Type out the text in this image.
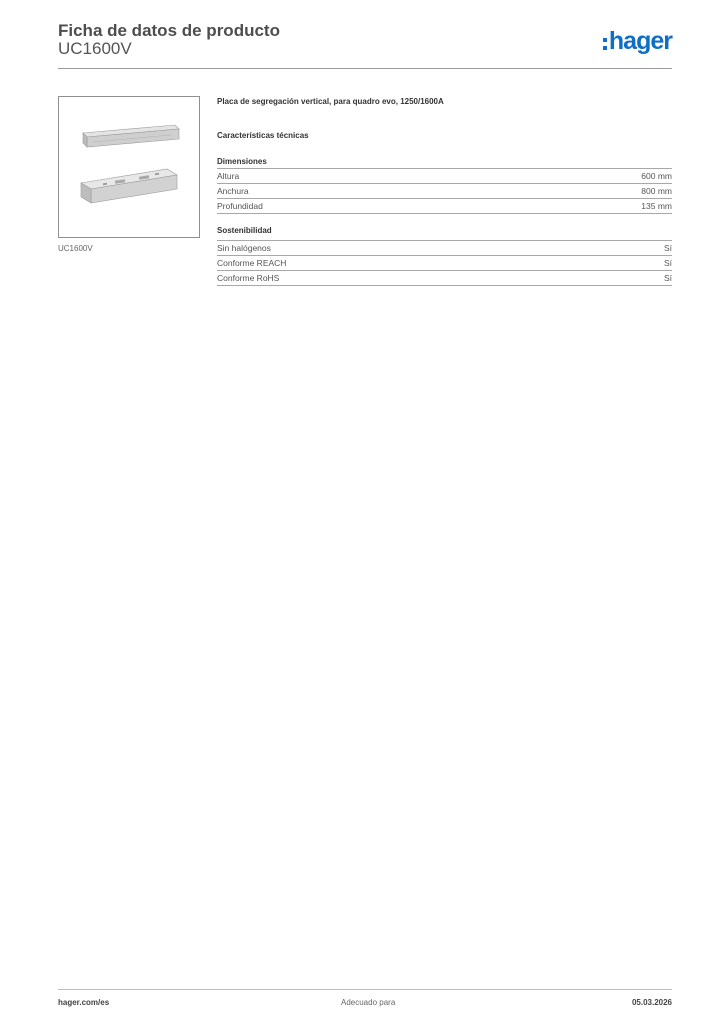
Ficha de datos de producto
UC1600V	hager
UC1600V
Placa de segregación vertical, para quadro evo, 1250/1600A
Características técnicas
Dimensiones
Altura	600 mm
Anchura	800 mm
Profundidad	135 mm
Sostenibilidad
Sin halógenos	Sí
Conforme REACH	Sí
Conforme RoHS	Sí
hager.com/es	Adecuado para	05.03.2026
